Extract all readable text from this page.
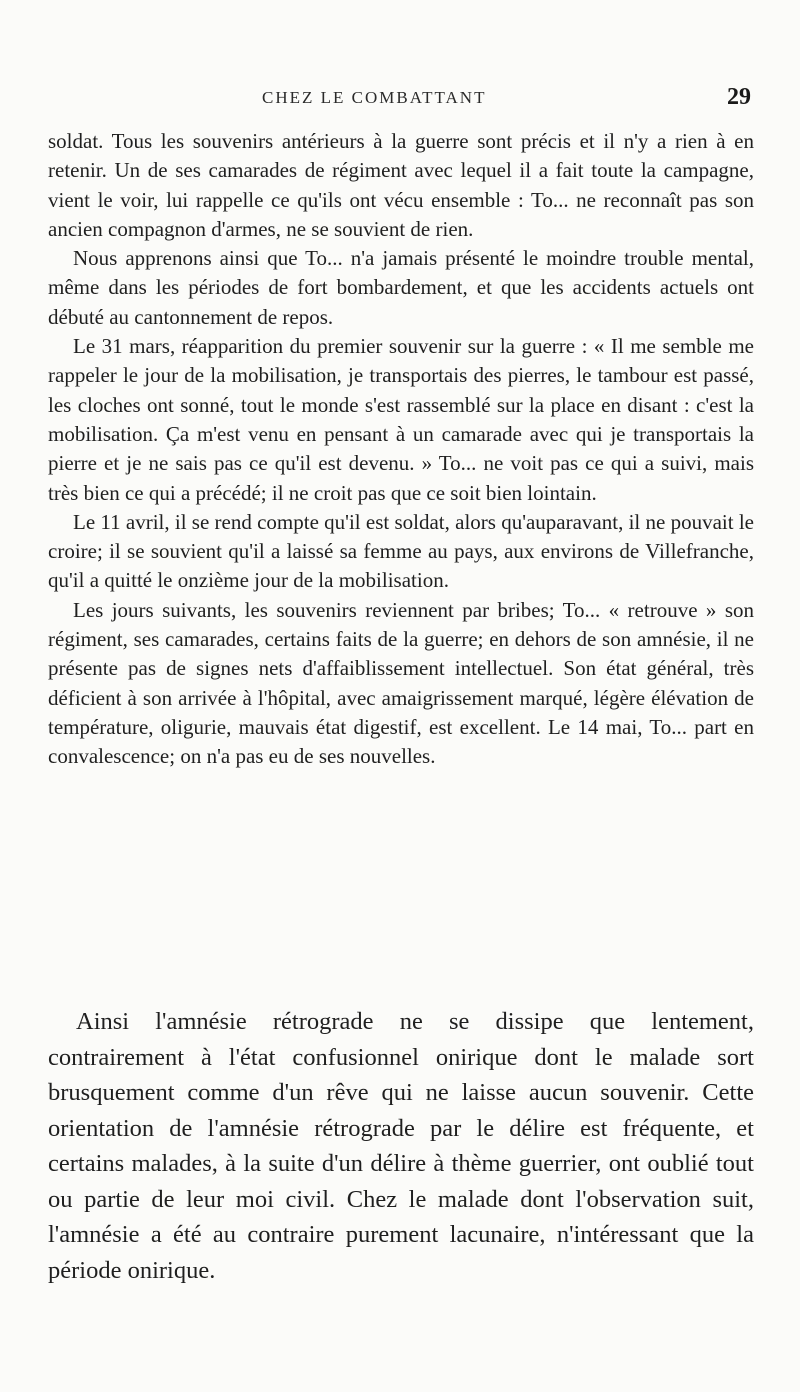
CHEZ LE COMBATTANT	29

soldat. Tous les souvenirs antérieurs à la guerre sont précis et il n'y a rien à en retenir. Un de ses camarades de régiment avec lequel il a fait toute la campagne, vient le voir, lui rappelle ce qu'ils ont vécu ensemble : To... ne reconnaît pas son ancien compagnon d'armes, ne se souvient de rien.

Nous apprenons ainsi que To... n'a jamais présenté le moindre trouble mental, même dans les périodes de fort bombardement, et que les accidents actuels ont débuté au cantonnement de repos.

Le 31 mars, réapparition du premier souvenir sur la guerre : « Il me semble me rappeler le jour de la mobilisation, je transportais des pierres, le tambour est passé, les cloches ont sonné, tout le monde s'est rassemblé sur la place en disant : c'est la mobilisation. Ça m'est venu en pensant à un camarade avec qui je transportais la pierre et je ne sais pas ce qu'il est devenu. » To... ne voit pas ce qui a suivi, mais très bien ce qui a précédé; il ne croit pas que ce soit bien lointain.

Le 11 avril, il se rend compte qu'il est soldat, alors qu'auparavant, il ne pouvait le croire; il se souvient qu'il a laissé sa femme au pays, aux environs de Villefranche, qu'il a quitté le onzième jour de la mobilisation.

Les jours suivants, les souvenirs reviennent par bribes; To... « retrouve » son régiment, ses camarades, certains faits de la guerre; en dehors de son amnésie, il ne présente pas de signes nets d'affaiblissement intellectuel. Son état général, très déficient à son arrivée à l'hôpital, avec amaigrissement marqué, légère élévation de température, oligurie, mauvais état digestif, est excellent. Le 14 mai, To... part en convalescence; on n'a pas eu de ses nouvelles.

Ainsi l'amnésie rétrograde ne se dissipe que lentement, contrairement à l'état confusionnel onirique dont le malade sort brusquement comme d'un rêve qui ne laisse aucun souvenir. Cette orientation de l'amnésie rétrograde par le délire est fréquente, et certains malades, à la suite d'un délire à thème guerrier, ont oublié tout ou partie de leur moi civil. Chez le malade dont l'observation suit, l'amnésie a été au contraire purement lacunaire, n'intéressant que la période onirique.
